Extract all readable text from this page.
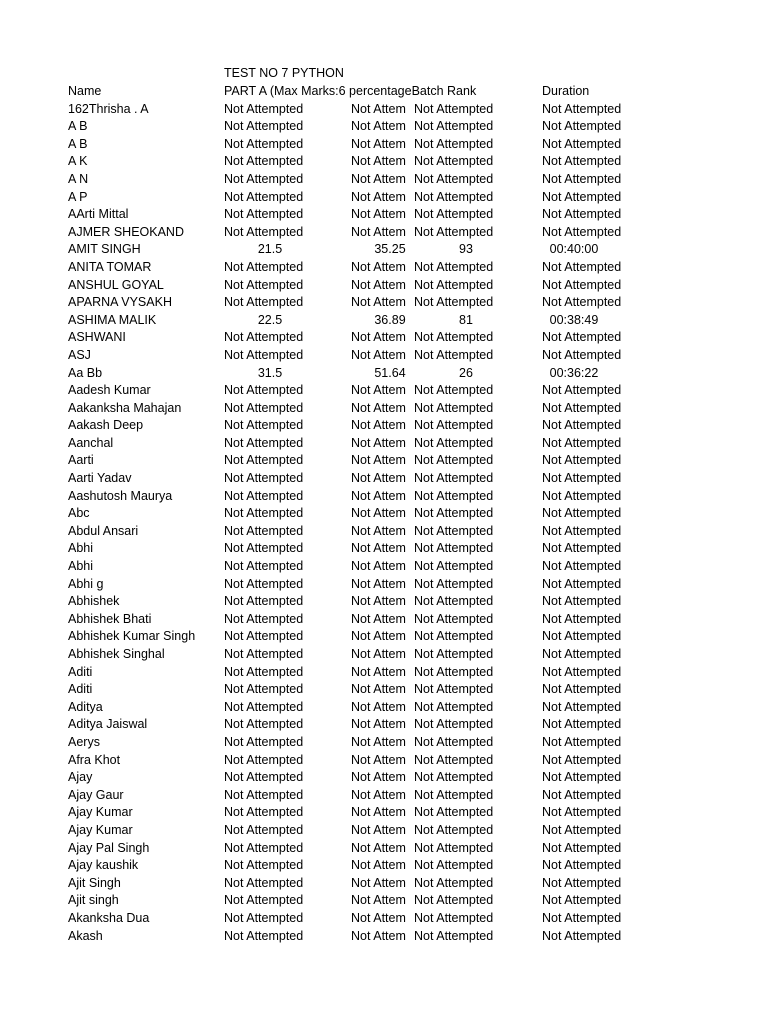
TEST NO 7 PYTHON
Name	PART A (Max Marks:6 percentageBatch Rank	Duration
162Thrisha . A	Not Attempted	Not Attem Not Attempted	Not Attempted
A B	Not Attempted	Not Attem Not Attempted	Not Attempted
A B	Not Attempted	Not Attem Not Attempted	Not Attempted
A K	Not Attempted	Not Attem Not Attempted	Not Attempted
A N	Not Attempted	Not Attem Not Attempted	Not Attempted
A P	Not Attempted	Not Attem Not Attempted	Not Attempted
AArti Mittal	Not Attempted	Not Attem Not Attempted	Not Attempted
AJMER SHEOKAND	Not Attempted	Not Attem Not Attempted	Not Attempted
AMIT SINGH	21.5	35.25	93	00:40:00
ANITA TOMAR	Not Attempted	Not Attem Not Attempted	Not Attempted
ANSHUL GOYAL	Not Attempted	Not Attem Not Attempted	Not Attempted
APARNA VYSAKH	Not Attempted	Not Attem Not Attempted	Not Attempted
ASHIMA MALIK	22.5	36.89	81	00:38:49
ASHWANI	Not Attempted	Not Attem Not Attempted	Not Attempted
ASJ	Not Attempted	Not Attem Not Attempted	Not Attempted
Aa Bb	31.5	51.64	26	00:36:22
Aadesh Kumar	Not Attempted	Not Attem Not Attempted	Not Attempted
Aakanksha Mahajan	Not Attempted	Not Attem Not Attempted	Not Attempted
Aakash Deep	Not Attempted	Not Attem Not Attempted	Not Attempted
Aanchal	Not Attempted	Not Attem Not Attempted	Not Attempted
Aarti	Not Attempted	Not Attem Not Attempted	Not Attempted
Aarti Yadav	Not Attempted	Not Attem Not Attempted	Not Attempted
Aashutosh Maurya	Not Attempted	Not Attem Not Attempted	Not Attempted
Abc	Not Attempted	Not Attem Not Attempted	Not Attempted
Abdul Ansari	Not Attempted	Not Attem Not Attempted	Not Attempted
Abhi	Not Attempted	Not Attem Not Attempted	Not Attempted
Abhi	Not Attempted	Not Attem Not Attempted	Not Attempted
Abhi g	Not Attempted	Not Attem Not Attempted	Not Attempted
Abhishek	Not Attempted	Not Attem Not Attempted	Not Attempted
Abhishek Bhati	Not Attempted	Not Attem Not Attempted	Not Attempted
Abhishek Kumar Singh	Not Attempted	Not Attem Not Attempted	Not Attempted
Abhishek Singhal	Not Attempted	Not Attem Not Attempted	Not Attempted
Aditi	Not Attempted	Not Attem Not Attempted	Not Attempted
Aditi	Not Attempted	Not Attem Not Attempted	Not Attempted
Aditya	Not Attempted	Not Attem Not Attempted	Not Attempted
Aditya Jaiswal	Not Attempted	Not Attem Not Attempted	Not Attempted
Aerys	Not Attempted	Not Attem Not Attempted	Not Attempted
Afra Khot	Not Attempted	Not Attem Not Attempted	Not Attempted
Ajay	Not Attempted	Not Attem Not Attempted	Not Attempted
Ajay Gaur	Not Attempted	Not Attem Not Attempted	Not Attempted
Ajay Kumar	Not Attempted	Not Attem Not Attempted	Not Attempted
Ajay Kumar	Not Attempted	Not Attem Not Attempted	Not Attempted
Ajay Pal Singh	Not Attempted	Not Attem Not Attempted	Not Attempted
Ajay kaushik	Not Attempted	Not Attem Not Attempted	Not Attempted
Ajit Singh	Not Attempted	Not Attem Not Attempted	Not Attempted
Ajit singh	Not Attempted	Not Attem Not Attempted	Not Attempted
Akanksha Dua	Not Attempted	Not Attem Not Attempted	Not Attempted
Akash	Not Attempted	Not Attem Not Attempted	Not Attempted
